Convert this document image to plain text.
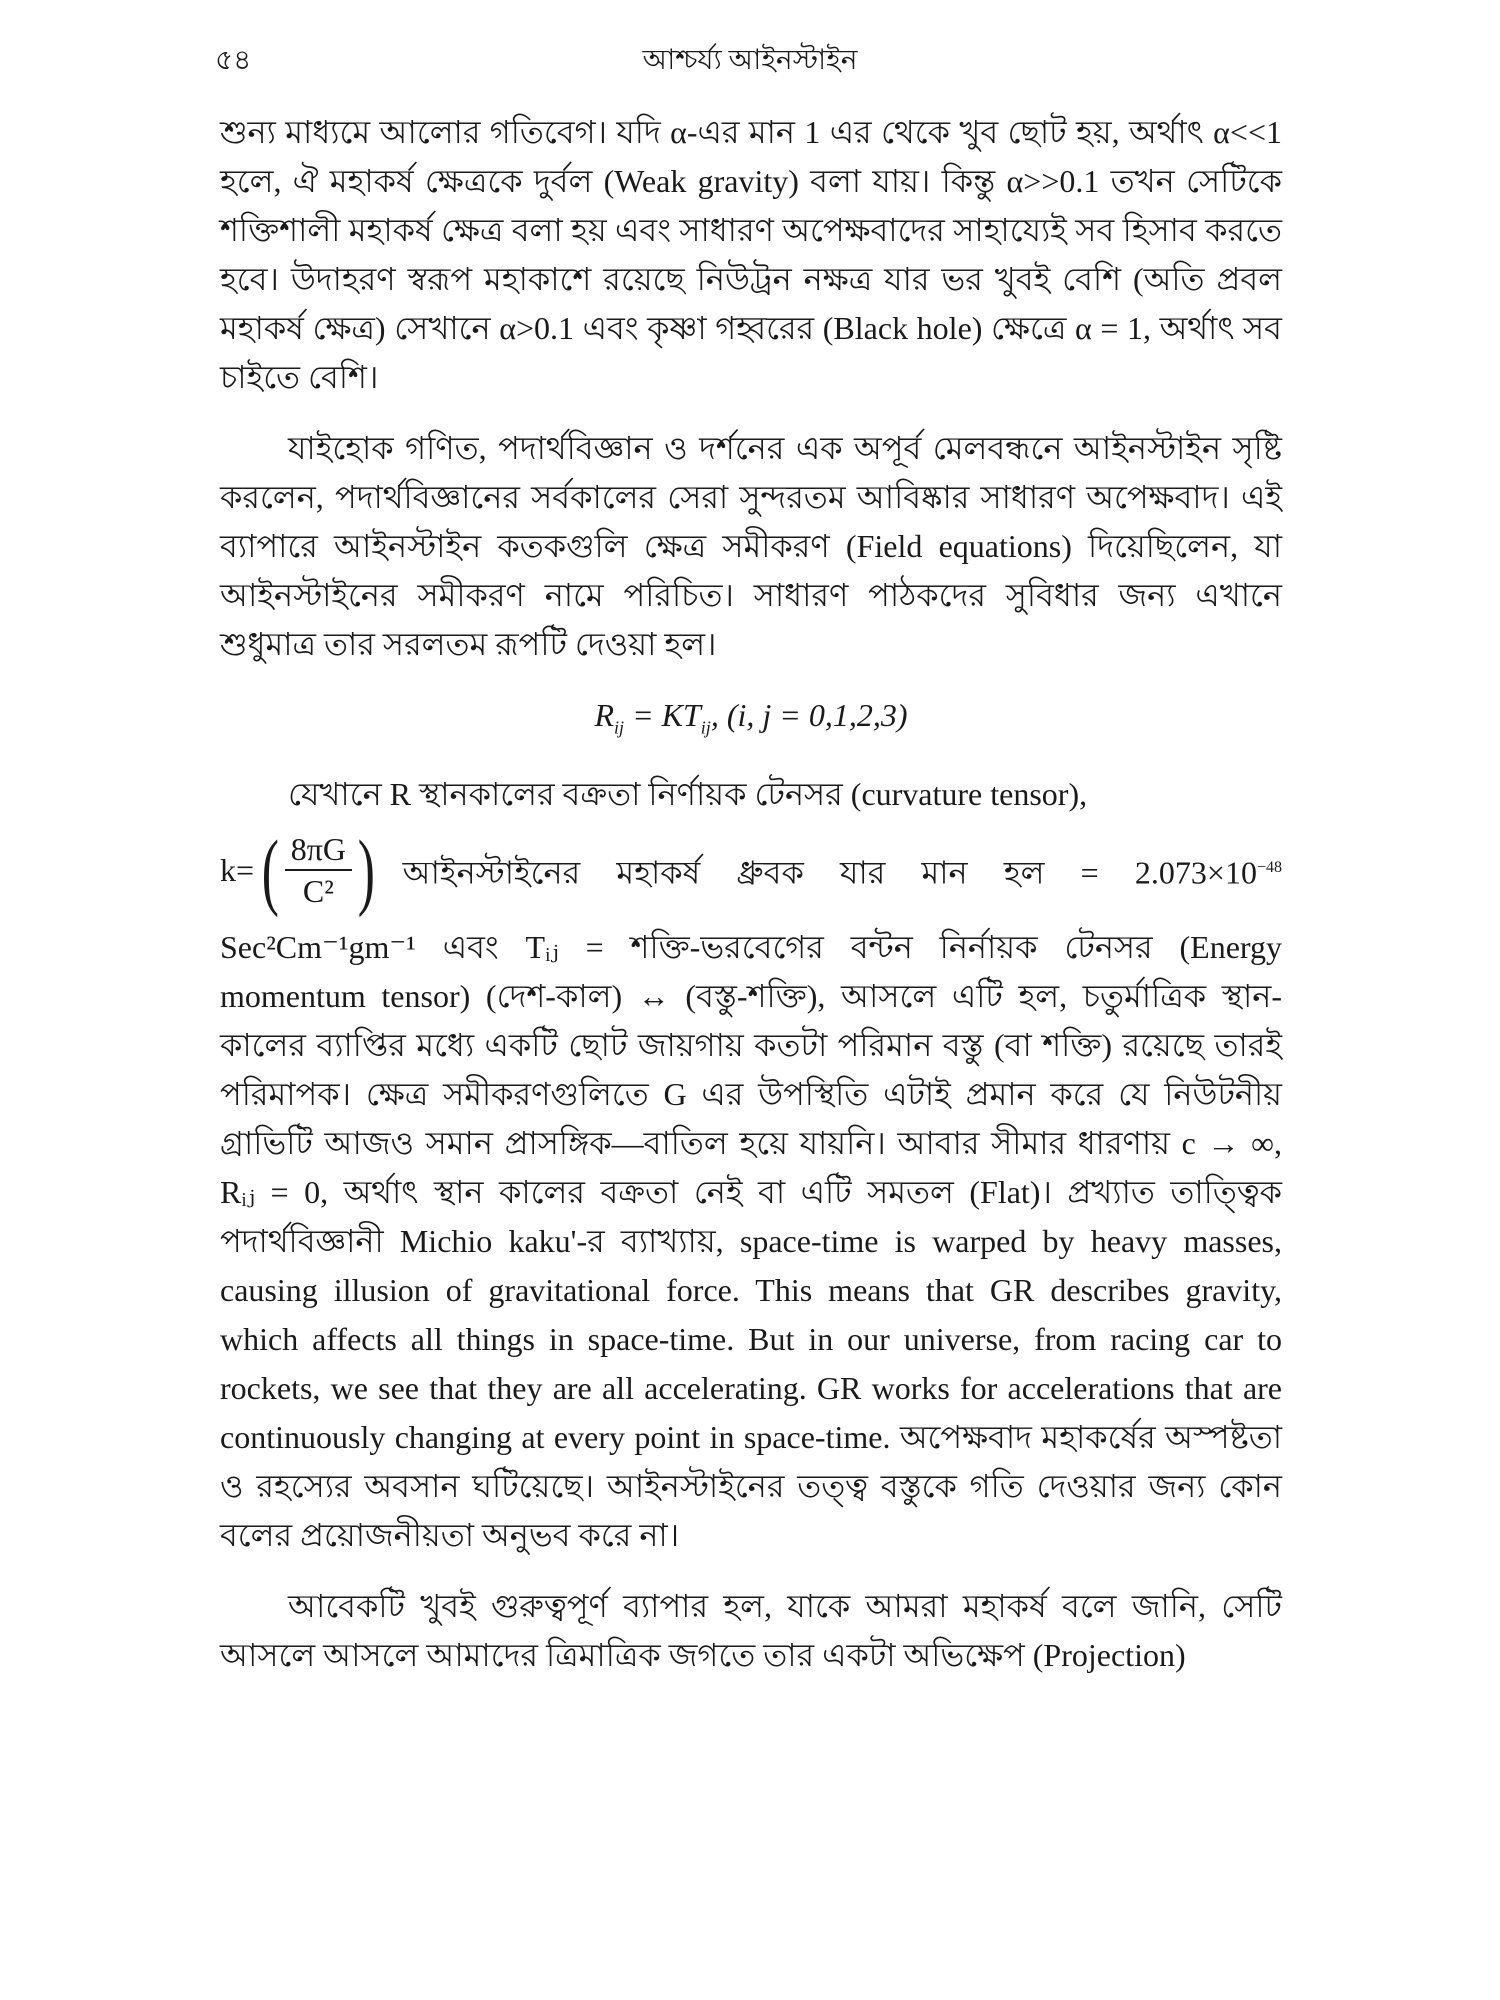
৫৪	আশ্চর্য্য আইনস্টাইন

শুন্য মাধ্যমে আলোর গতিবেগ। যদি α-এর মান 1 এর থেকে খুব ছোট হয়, অর্থাৎ α<<1 হলে, ঐ মহাকর্ষ ক্ষেত্রকে দুর্বল (Weak gravity) বলা যায়। কিন্তু α>>0.1 তখন সেটিকে শক্তিশালী মহাকর্ষ ক্ষেত্র বলা হয় এবং সাধারণ অপেক্ষবাদের সাহায্যেই সব হিসাব করতে হবে। উদাহরণ স্বরূপ মহাকাশে রয়েছে নিউট্রন নক্ষত্র যার ভর খুবই বেশি (অতি প্রবল মহাকর্ষ ক্ষেত্র) সেখানে α>0.1 এবং কৃষ্ণা গহ্বরের (Black hole) ক্ষেত্রে α = 1, অর্থাৎ সব চাইতে বেশি।

যাইহোক গণিত, পদার্থবিজ্ঞান ও দর্শনের এক অপূর্ব মেলবন্ধনে আইনস্টাইন সৃষ্টি করলেন, পদার্থবিজ্ঞানের সর্বকালের সেরা সুন্দরতম আবিষ্কার সাধারণ অপেক্ষবাদ। এই ব্যাপারে আইনস্টাইন কতকগুলি ক্ষেত্র সমীকরণ (Field equations) দিয়েছিলেন, যা আইনস্টাইনের সমীকরণ নামে পরিচিত। সাধারণ পাঠকদের সুবিধার জন্য এখানে শুধুমাত্র তার সরলতম রূপটি দেওয়া হল।

$R_{ij} = KT_{ij}$, (i, j = 0,1,2,3)

যেখানে R স্থানকালের বক্রতা নির্ণায়ক টেনসর (curvature tensor),

k= ( $\frac{8\pi G}{\text{C²}}$ ) আইনস্টাইনের মহাকর্ষ ধ্রুবক যার মান হল = $2.073\times 10^{-48}$

Sec²Cm⁻¹gm⁻¹ এবং Tᵢⱼ = শক্তি-ভরবেগের বন্টন নির্নায়ক টেনসর (Energy momentum tensor) (দেশ-কাল) ↔ (বস্তু-শক্তি), আসলে এটি হল, চতুর্মাত্রিক স্থান-কালের ব্যাপ্তির মধ্যে একটি ছোট জায়গায় কতটা পরিমান বস্তু (বা শক্তি) রয়েছে তারই পরিমাপক। ক্ষেত্র সমীকরণগুলিতে G এর উপস্থিতি এটাই প্রমান করে যে নিউটনীয় গ্রাভিটি আজও সমান প্রাসঙ্গিক—বাতিল হয়ে যায়নি। আবার সীমার ধারণায় c → ∞, Rᵢⱼ = 0, অর্থাৎ স্থান কালের বক্রতা নেই বা এটি সমতল (Flat)। প্রখ্যাত তাত্ত্বিক পদার্থবিজ্ঞানী Michio kaku'-র ব্যাখ্যায়, space-time is warped by heavy masses, causing illusion of gravitational force. This means that GR describes gravity, which affects all things in space-time. But in our universe, from racing car to rockets, we see that they are all accelerating. GR works for accelerations that are continuously changing at every point in space-time. অপেক্ষবাদ মহাকর্ষের অস্পষ্টতা ও রহস্যের অবসান ঘটিয়েছে। আইনস্টাইনের তত্ত্ব বস্তুকে গতি দেওয়ার জন্য কোন বলের প্রয়োজনীয়তা অনুভব করে না।

আবেকটি খুবই গুরুত্বপূর্ণ ব্যাপার হল, যাকে আমরা মহাকর্ষ বলে জানি, সেটি আসলে আসলে আমাদের ত্রিমাত্রিক জগতে তার একটা অভিক্ষেপ (Projection)
